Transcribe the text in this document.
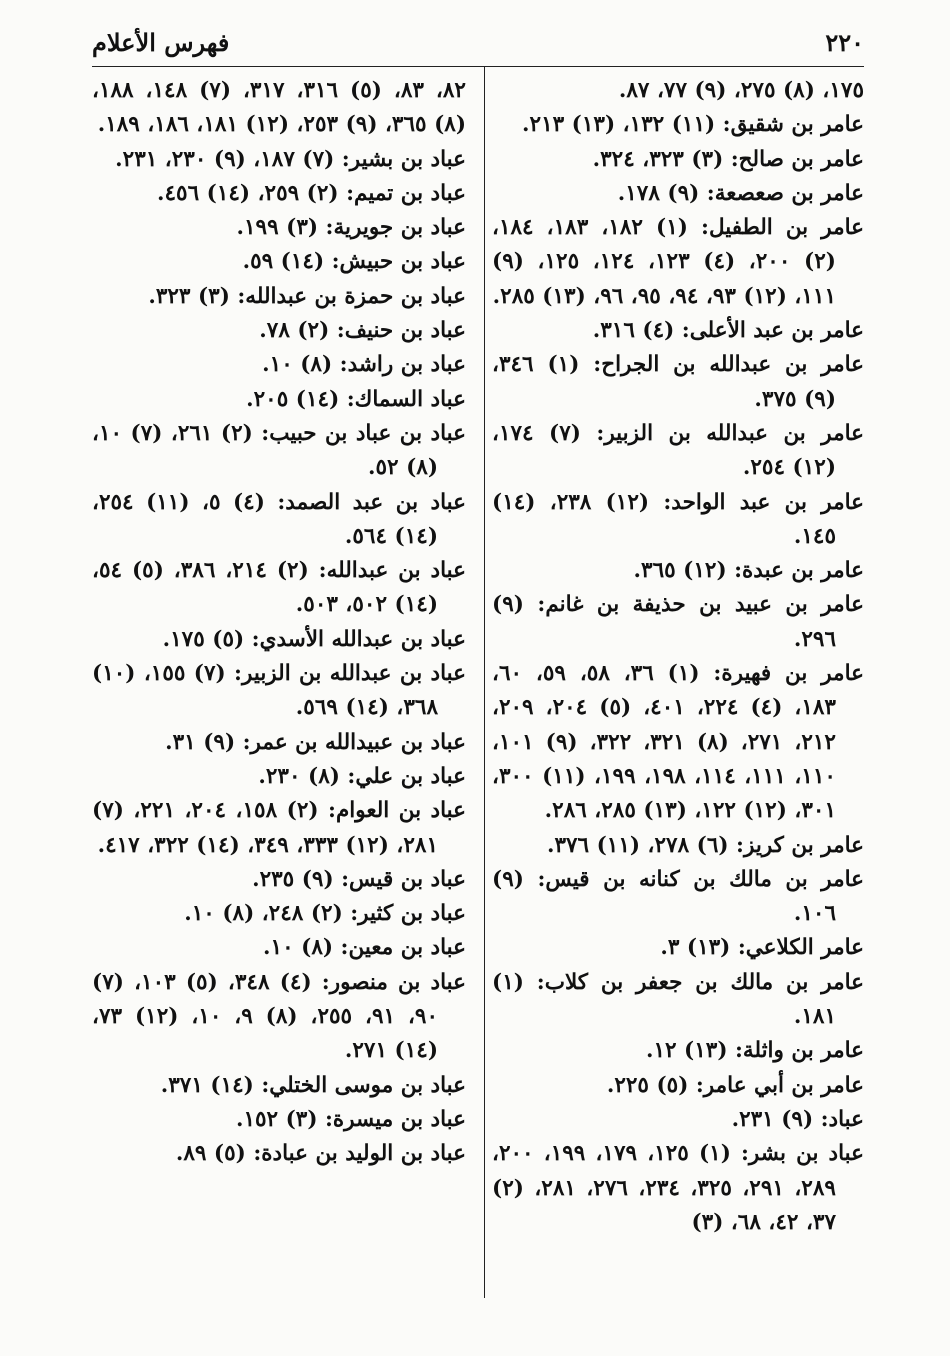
٢٢٠
فهرس الأعلام
١٧٥، (٨) ٢٧٥، (٩) ٧٧، ٨٧.
عامر بن شقيق: (١١) ١٣٢، (١٣) ٢١٣.
عامر بن صالح: (٣) ٣٢٣، ٣٢٤.
عامر بن صعصعة: (٩) ١٧٨.
عامر بن الطفيل: (١) ١٨٢، ١٨٣، ١٨٤، (٢) ٢٠٠، (٤) ١٢٣، ١٢٤، ١٢٥، (٩) ١١١، (١٢) ٩٣، ٩٤، ٩٥، ٩٦، (١٣) ٢٨٥.
عامر بن عبد الأعلى: (٤) ٣١٦.
عامر بن عبدالله بن الجراح: (١) ٣٤٦، (٩) ٣٧٥.
عامر بن عبدالله بن الزبير: (٧) ١٧٤، (١٢) ٢٥٤.
عامر بن عبد الواحد: (١٢) ٢٣٨، (١٤) ١٤٥.
عامر بن عبدة: (١٢) ٣٦٥.
عامر بن عبيد بن حذيفة بن غانم: (٩) ٢٩٦.
عامر بن فهيرة: (١) ٣٦، ٥٨، ٥٩، ٦٠، ١٨٣، (٤) ٢٢٤، ٤٠١، (٥) ٢٠٤، ٢٠٩، ٢١٢، ٢٧١، (٨) ٣٢١، ٣٢٢، (٩) ١٠١، ١١٠، ١١١، ١١٤، ١٩٨، ١٩٩، (١١) ٣٠٠، ٣٠١، (١٢) ١٢٢، (١٣) ٢٨٥، ٢٨٦.
عامر بن كريز: (٦) ٢٧٨، (١١) ٣٧٦.
عامر بن مالك بن كنانه بن قيس: (٩) ١٠٦.
عامر الكلاعي: (١٣) ٣.
عامر بن مالك بن جعفر بن كلاب: (١) ١٨١.
عامر بن واثلة: (١٣) ١٢.
عامر بن أبي عامر: (٥) ٢٢٥.
عباد: (٩) ٢٣١.
عباد بن بشر: (١) ١٢٥، ١٧٩، ١٩٩، ٢٠٠، ٢٨٩، ٢٩١، ٣٢٥، ٢٣٤، ٢٧٦، ٢٨١، (٢) ٣٧، ٤٢، ٦٨، (٣)
٨٢، ٨٣، (٥) ٣١٦، ٣١٧، (٧) ١٤٨، ١٨٨، (٨) ٣٦٥، (٩) ٢٥٣، (١٢) ١٨١، ١٨٦، ١٨٩.
عباد بن بشير: (٧) ١٨٧، (٩) ٢٣٠، ٢٣١.
عباد بن تميم: (٢) ٢٥٩، (١٤) ٤٥٦.
عباد بن جويرية: (٣) ١٩٩.
عباد بن حبيش: (١٤) ٥٩.
عباد بن حمزة بن عبدالله: (٣) ٣٢٣.
عباد بن حنيف: (٢) ٧٨.
عباد بن راشد: (٨) ١٠.
عباد السماك: (١٤) ٢٠٥.
عباد بن عباد بن حبيب: (٢) ٢٦١، (٧) ١٠، (٨) ٥٢.
عباد بن عبد الصمد: (٤) ٥، (١١) ٢٥٤، (١٤) ٥٦٤.
عباد بن عبدالله: (٢) ٢١٤، ٣٨٦، (٥) ٥٤، (١٤) ٥٠٢، ٥٠٣.
عباد بن عبدالله الأسدي: (٥) ١٧٥.
عباد بن عبدالله بن الزبير: (٧) ١٥٥، (١٠) ٣٦٨، (١٤) ٥٦٩.
عباد بن عبيدالله بن عمر: (٩) ٣١.
عباد بن علي: (٨) ٢٣٠.
عباد بن العوام: (٢) ١٥٨، ٢٠٤، ٢٢١، (٧) ٢٨١، (١٢) ٣٣٣، ٣٤٩، (١٤) ٣٢٢، ٤١٧.
عباد بن قيس: (٩) ٢٣٥.
عباد بن كثير: (٢) ٢٤٨، (٨) ١٠.
عباد بن معين: (٨) ١٠.
عباد بن منصور: (٤) ٣٤٨، (٥) ١٠٣، (٧) ٩٠، ٩١، ٢٥٥، (٨) ٩، ١٠، (١٢) ٧٣، (١٤) ٢٧١.
عباد بن موسى الختلي: (١٤) ٣٧١.
عباد بن ميسرة: (٣) ١٥٢.
عباد بن الوليد بن عبادة: (٥) ٨٩.
